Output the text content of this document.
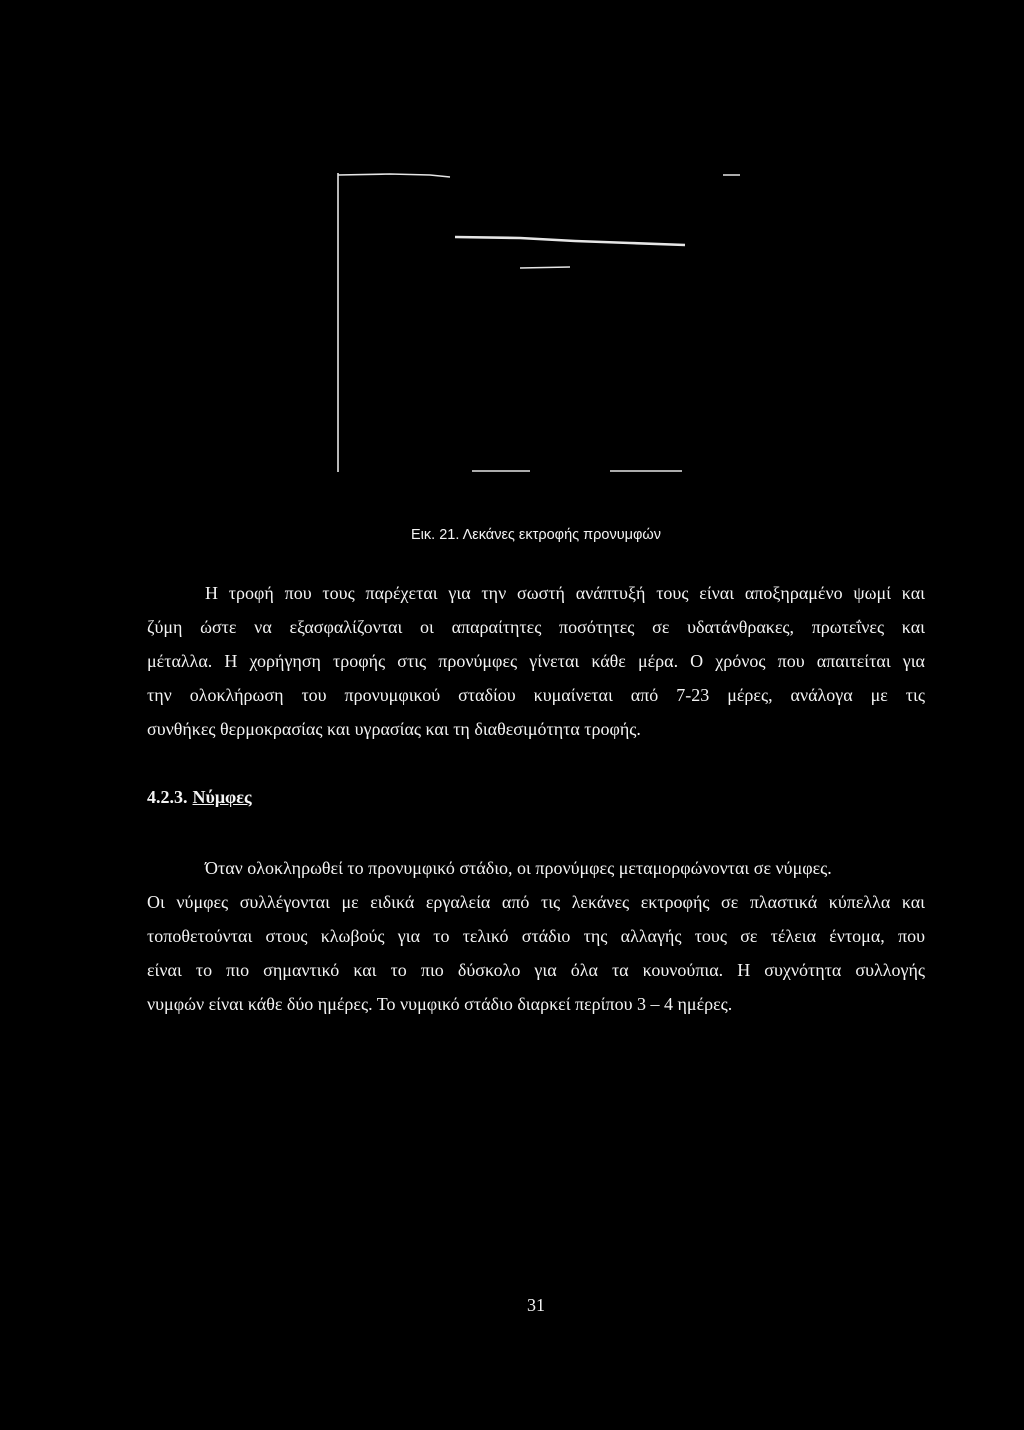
Εικ. 21. Λεκάνες εκτροφής προνυμφών
Η τροφή που τους παρέχεται για την σωστή ανάπτυξή τους είναι αποξηραμένο ψωμί και
ζύμη ώστε να εξασφαλίζονται οι απαραίτητες ποσότητες σε υδατάνθρακες, πρωτεΐνες και
μέταλλα. Η χορήγηση τροφής στις προνύμφες γίνεται κάθε μέρα. Ο χρόνος που απαιτείται για
την ολοκλήρωση του προνυμφικού σταδίου κυμαίνεται από 7-23 μέρες, ανάλογα με τις
συνθήκες θερμοκρασίας και υγρασίας και τη διαθεσιμότητα τροφής.
4.2.3. Νύμφες
Όταν ολοκληρωθεί το προνυμφικό στάδιο, οι προνύμφες μεταμορφώνονται σε νύμφες.
Οι νύμφες συλλέγονται με ειδικά εργαλεία από τις λεκάνες εκτροφής σε πλαστικά κύπελλα και
τοποθετούνται στους κλωβούς για το τελικό στάδιο της αλλαγής τους σε τέλεια έντομα, που
είναι το πιο σημαντικό και το πιο δύσκολο για όλα τα κουνούπια. Η συχνότητα συλλογής
νυμφών είναι κάθε δύο ημέρες. Το νυμφικό στάδιο διαρκεί περίπου 3 – 4 ημέρες.
31
